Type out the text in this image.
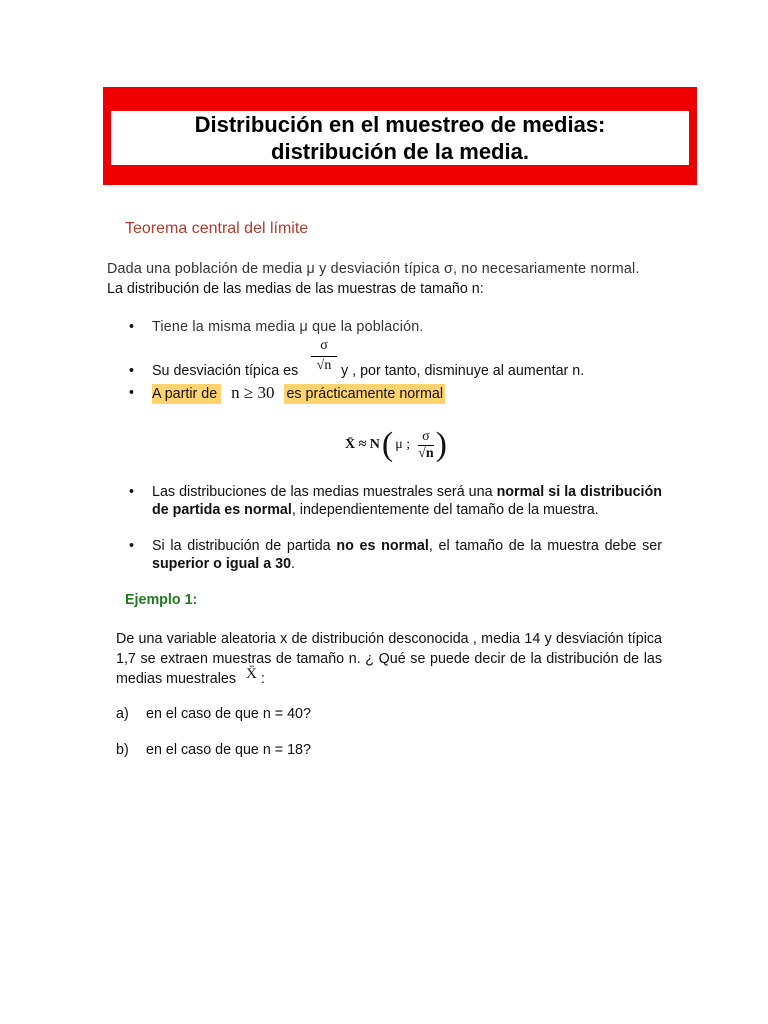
Distribución en el muestreo de medias:
distribución de la media.
Teorema central del límite
Dada una población de media μ y desviación típica σ, no necesariamente normal.
La distribución de las medias de las muestras de tamaño n:
• Tiene la misma media μ que la población.
• Su desviación típica es $\frac{\sigma}{√n}$ y , por tanto, disminuye al aumentar n.
• A partir de n ≥ 30 es prácticamente normal
X̄ ≈ N ( μ ; $\frac{\sigma}{√n}$ )
• Las distribuciones de las medias muestrales será una normal si la distribución de partida es normal, independientemente del tamaño de la muestra.
• Si la distribución de partida no es normal, el tamaño de la muestra debe ser superior o igual a 30.
Ejemplo 1:
De una variable aleatoria x de distribución desconocida , media 14 y desviación típica 1,7 se extraen muestras de tamaño n. ¿ Qué se puede decir de la distribución de las medias muestrales X̄ :
a) en el caso de que n = 40?
b) en el caso de que n = 18?
